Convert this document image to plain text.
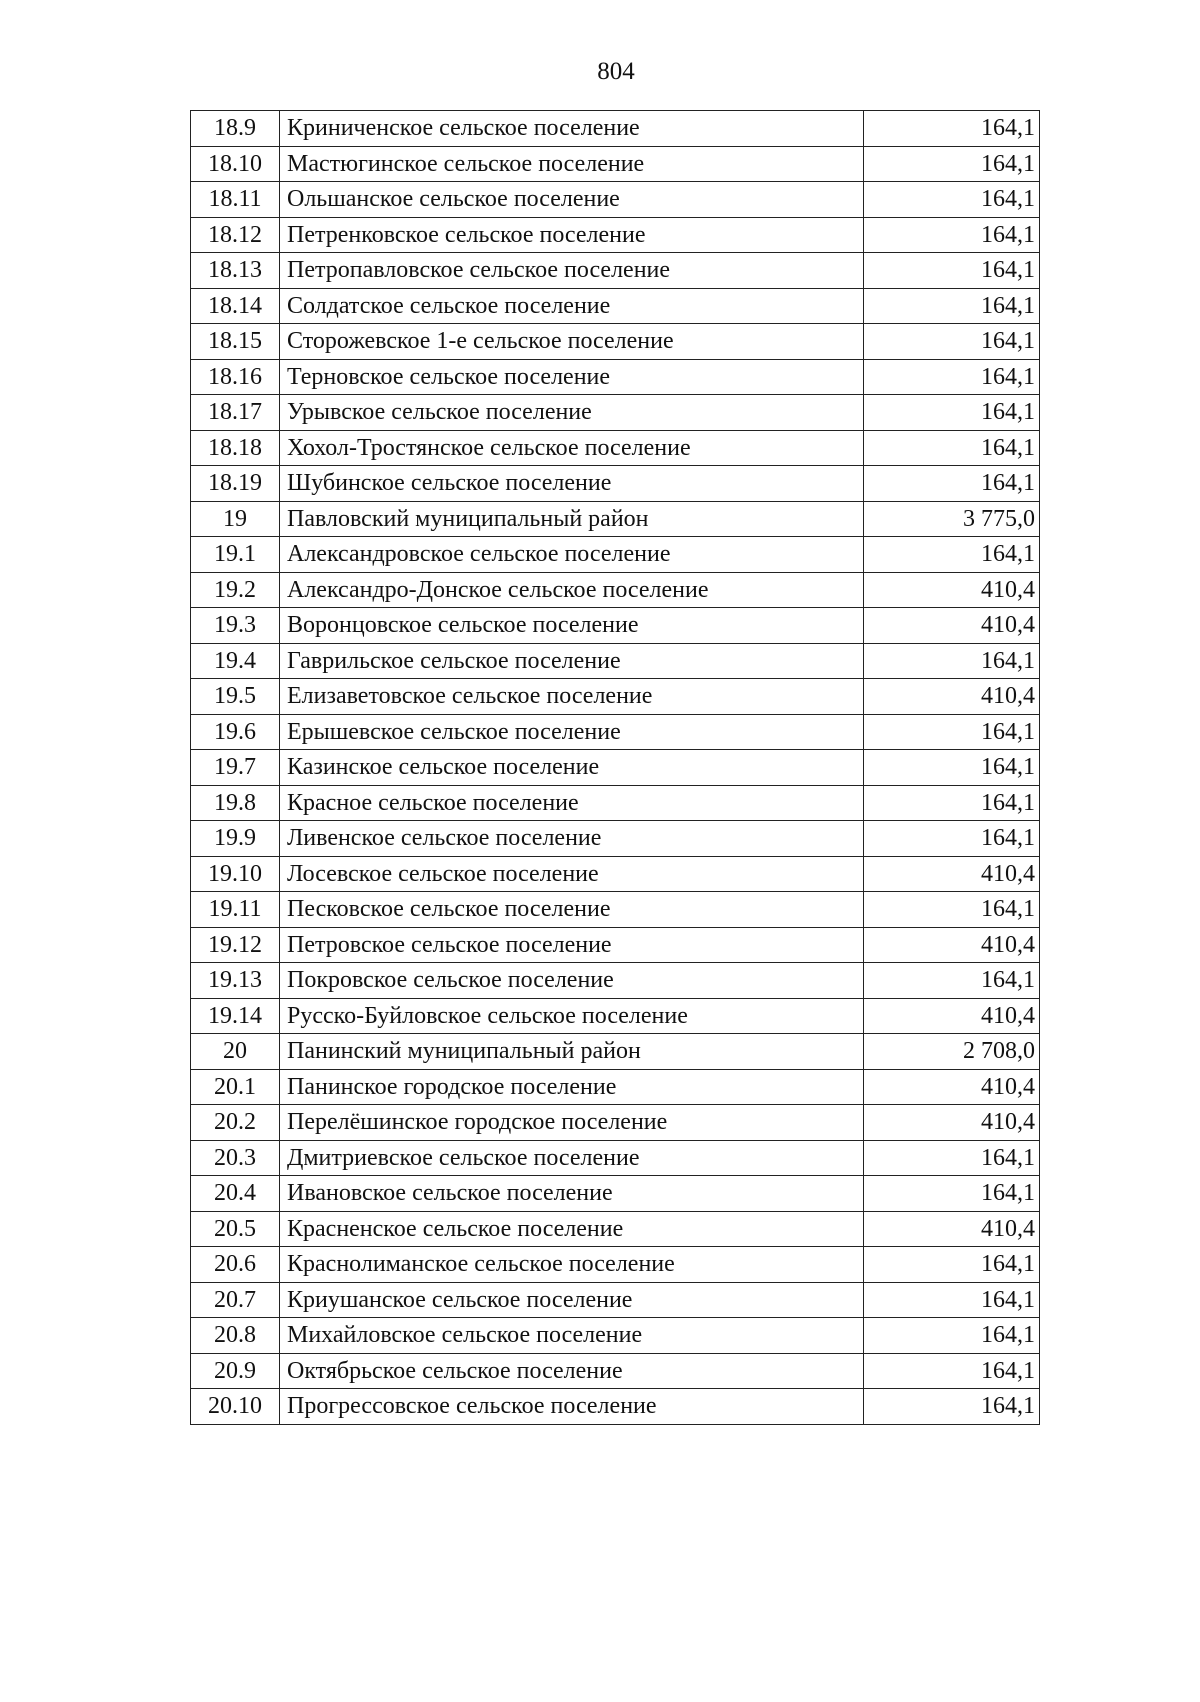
804
18.9	Криниченское сельское поселение	164,1
18.10	Мастюгинское сельское поселение	164,1
18.11	Ольшанское сельское поселение	164,1
18.12	Петренковское сельское поселение	164,1
18.13	Петропавловское сельское поселение	164,1
18.14	Солдатское сельское поселение	164,1
18.15	Сторожевское 1-е сельское поселение	164,1
18.16	Терновское сельское поселение	164,1
18.17	Урывское сельское поселение	164,1
18.18	Хохол-Тростянское сельское поселение	164,1
18.19	Шубинское сельское поселение	164,1
19	Павловский муниципальный район	3 775,0
19.1	Александровское сельское поселение	164,1
19.2	Александро-Донское сельское поселение	410,4
19.3	Воронцовское сельское поселение	410,4
19.4	Гаврильское сельское поселение	164,1
19.5	Елизаветовское сельское поселение	410,4
19.6	Ерышевское сельское поселение	164,1
19.7	Казинское сельское поселение	164,1
19.8	Красное сельское поселение	164,1
19.9	Ливенское сельское поселение	164,1
19.10	Лосевское сельское поселение	410,4
19.11	Песковское сельское поселение	164,1
19.12	Петровское сельское поселение	410,4
19.13	Покровское сельское поселение	164,1
19.14	Русско-Буйловское сельское поселение	410,4
20	Панинский муниципальный район	2 708,0
20.1	Панинское городское поселение	410,4
20.2	Перелёшинское городское поселение	410,4
20.3	Дмитриевское сельское поселение	164,1
20.4	Ивановское сельское поселение	164,1
20.5	Красненское сельское поселение	410,4
20.6	Краснолиманское сельское поселение	164,1
20.7	Криушанское сельское поселение	164,1
20.8	Михайловское сельское поселение	164,1
20.9	Октябрьское сельское поселение	164,1
20.10	Прогрессовское сельское поселение	164,1
